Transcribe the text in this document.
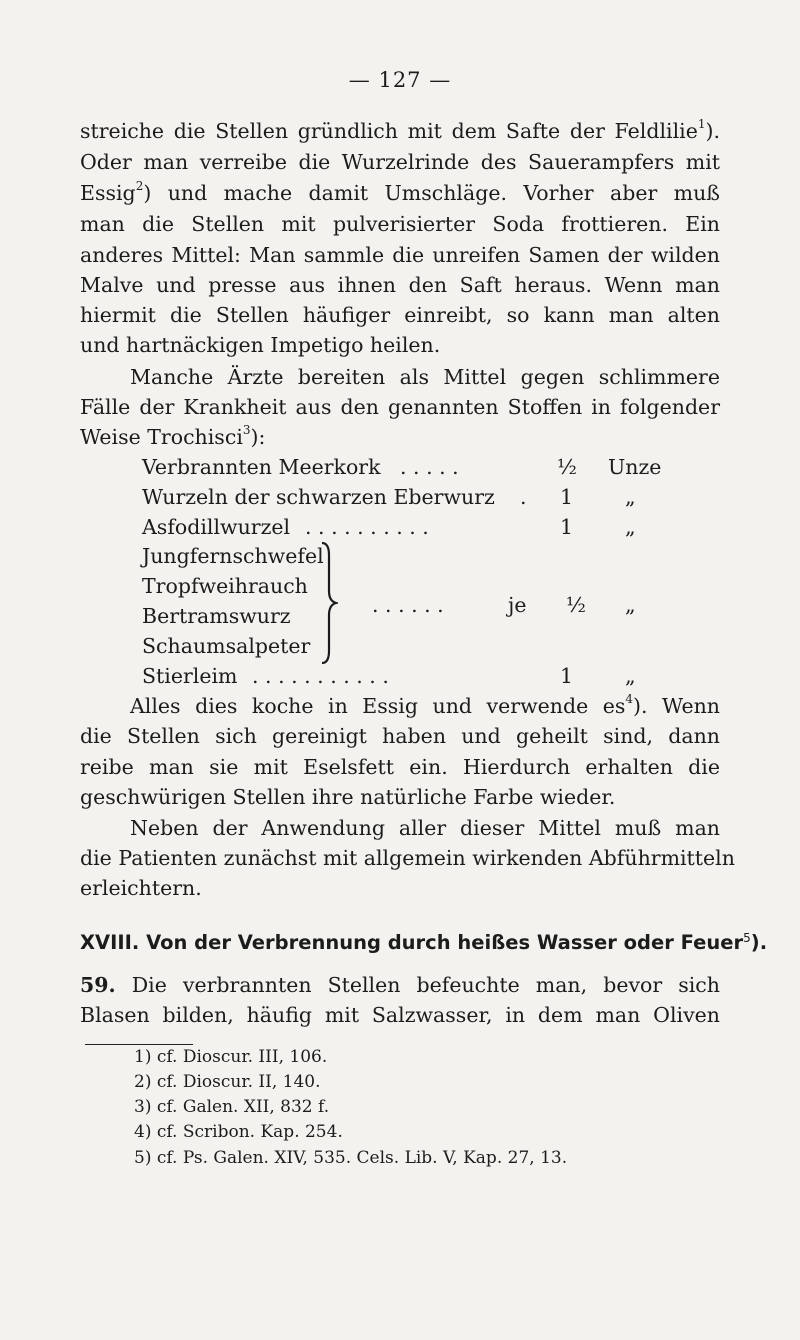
— 127 —
streiche die Stellen gründlich mit dem Safte der Feldlilie$^1$).
Oder man verreibe die Wurzelrinde des Sauerampfers mit
Essig$^2$) und mache damit Umschläge. Vorher aber muß
man die Stellen mit pulverisierter Soda frottieren. Ein
anderes Mittel: Man sammle die unreifen Samen der wilden
Malve und presse aus ihnen den Saft heraus. Wenn man
hiermit die Stellen häufiger einreibt, so kann man alten
und hartnäckigen Impetigo heilen.
Manche Ärzte bereiten als Mittel gegen schlimmere
Fälle der Krankheit aus den genannten Stoffen in folgender
Weise Trochisci$^3$):
Verbrannten Meerkork . . . . .	½ Unze
Wurzeln der schwarzen Eberwurz . 1	„
Asfodillwurzel . . . . . . . . . .	1	„
Jungfernschwefel
Tropfweihrauch
Bertramswurz
Schaumsalpeter
. . . . . .	je ½ „
Stierleim . . . . . . . . . . .	1	„
Alles dies koche in Essig und verwende $es^4$). Wenn
die Stellen sich gereinigt haben und geheilt sind, dann
reibe man sie mit Eselsfett ein. Hierdurch erhalten die
geschwürigen Stellen ihre natürliche Farbe wieder.
Neben der Anwendung aller dieser Mittel muß man
die Patienten zunächst mit allgemein wirkenden Abführmitteln
erleichtern.
XVIII. Von der Verbrennung durch heißes Wasser oder Feuer$^5$).
59. Die verbrannten Stellen befeuchte man, bevor sich
Blasen bilden, häufig mit Salzwasser, in dem man Oliven
1) cf. Dioscur. III, 106.
2) cf. Dioscur. II, 140.
3) cf. Galen. XII, 832 f.
4) cf. Scribon. Kap. 254.
5) cf. Ps. Galen. XIV, 535. Cels. Lib. V, Kap. 27, 13.
